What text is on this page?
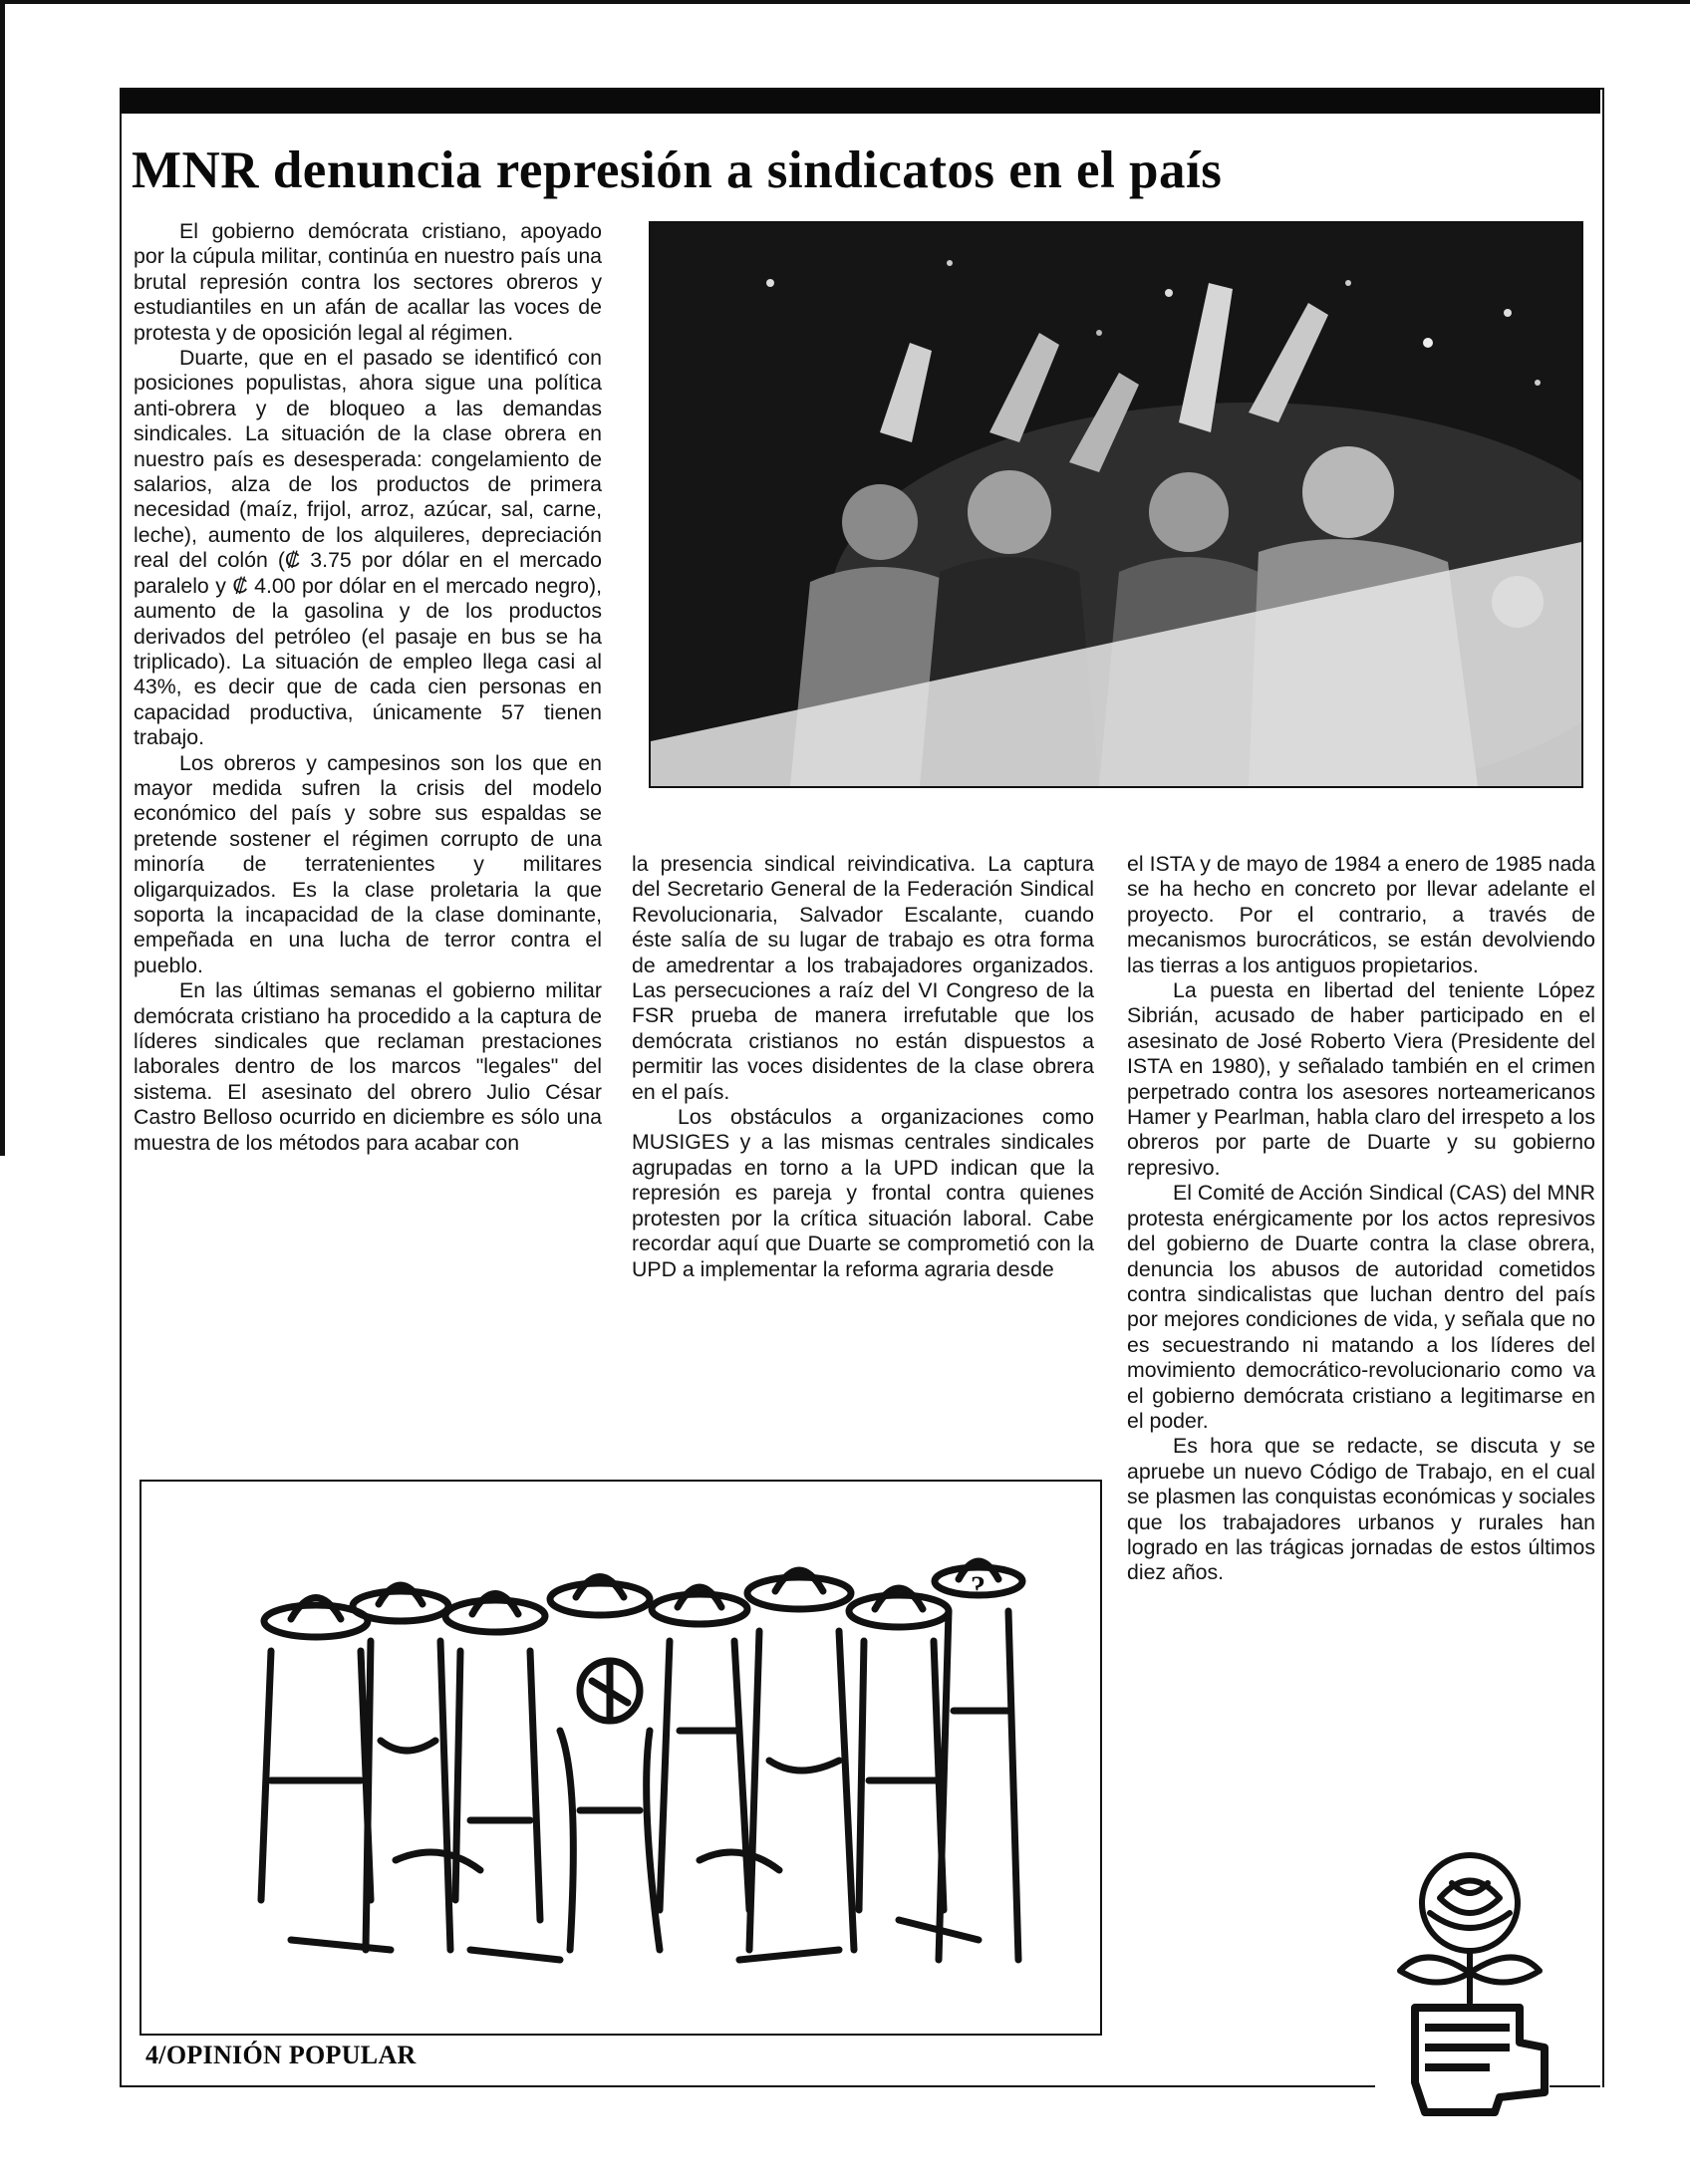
MNR denuncia represión a sindicatos en el país

El gobierno demócrata cristiano, apoyado por la cúpula militar, continúa en nuestro país una brutal represión contra los sectores obreros y estudiantiles en un afán de acallar las voces de protesta y de oposición legal al régimen.

Duarte, que en el pasado se identificó con posiciones populistas, ahora sigue una política anti-obrera y de bloqueo a las demandas sindicales. La situación de la clase obrera en nuestro país es desesperada: congelamiento de salarios, alza de los productos de primera necesidad (maíz, frijol, arroz, azúcar, sal, carne, leche), aumento de los alquileres, depreciación real del colón (₡ 3.75 por dólar en el mercado paralelo y ₡ 4.00 por dólar en el mercado negro), aumento de la gasolina y de los productos derivados del petróleo (el pasaje en bus se ha triplicado). La situación de empleo llega casi al 43%, es decir que de cada cien personas en capacidad productiva, únicamente 57 tienen trabajo.

Los obreros y campesinos son los que en mayor medida sufren la crisis del modelo económico del país y sobre sus espaldas se pretende sostener el régimen corrupto de una minoría de terratenientes y militares oligarquizados. Es la clase proletaria la que soporta la incapacidad de la clase dominante, empeñada en una lucha de terror contra el pueblo.

En las últimas semanas el gobierno militar demócrata cristiano ha procedido a la captura de líderes sindicales que reclaman prestaciones laborales dentro de los marcos "legales" del sistema. El asesinato del obrero Julio César Castro Belloso ocurrido en diciembre es sólo una muestra de los métodos para acabar con

la presencia sindical reivindicativa. La captura del Secretario General de la Federación Sindical Revolucionaria, Salvador Escalante, cuando éste salía de su lugar de trabajo es otra forma de amedrentar a los trabajadores organizados. Las persecuciones a raíz del VI Congreso de la FSR prueba de manera irrefutable que los demócrata cristianos no están dispuestos a permitir las voces disidentes de la clase obrera en el país.

Los obstáculos a organizaciones como MUSIGES y a las mismas centrales sindicales agrupadas en torno a la UPD indican que la represión es pareja y frontal contra quienes protesten por la crítica situación laboral. Cabe recordar aquí que Duarte se comprometió con la UPD a implementar la reforma agraria desde

el ISTA y de mayo de 1984 a enero de 1985 nada se ha hecho en concreto por llevar adelante el proyecto. Por el contrario, a través de mecanismos burocráticos, se están devolviendo las tierras a los antiguos propietarios.

La puesta en libertad del teniente López Sibrián, acusado de haber participado en el asesinato de José Roberto Viera (Presidente del ISTA en 1980), y señalado también en el crimen perpetrado contra los asesores norteamericanos Hamer y Pearlman, habla claro del irrespeto a los obreros por parte de Duarte y su gobierno represivo.

El Comité de Acción Sindical (CAS) del MNR protesta enérgicamente por los actos represivos del gobierno de Duarte contra la clase obrera, denuncia los abusos de autoridad cometidos contra sindicalistas que luchan dentro del país por mejores condiciones de vida, y señala que no es secuestrando ni matando a los líderes del movimiento democrático-revolucionario como va el gobierno demócrata cristiano a legitimarse en el poder.

Es hora que se redacte, se discuta y se apruebe un nuevo Código de Trabajo, en el cual se plasmen las conquistas económicas y sociales que los trabajadores urbanos y rurales han logrado en las trágicas jornadas de estos últimos diez años.

?
4/OPINIÓN POPULAR
